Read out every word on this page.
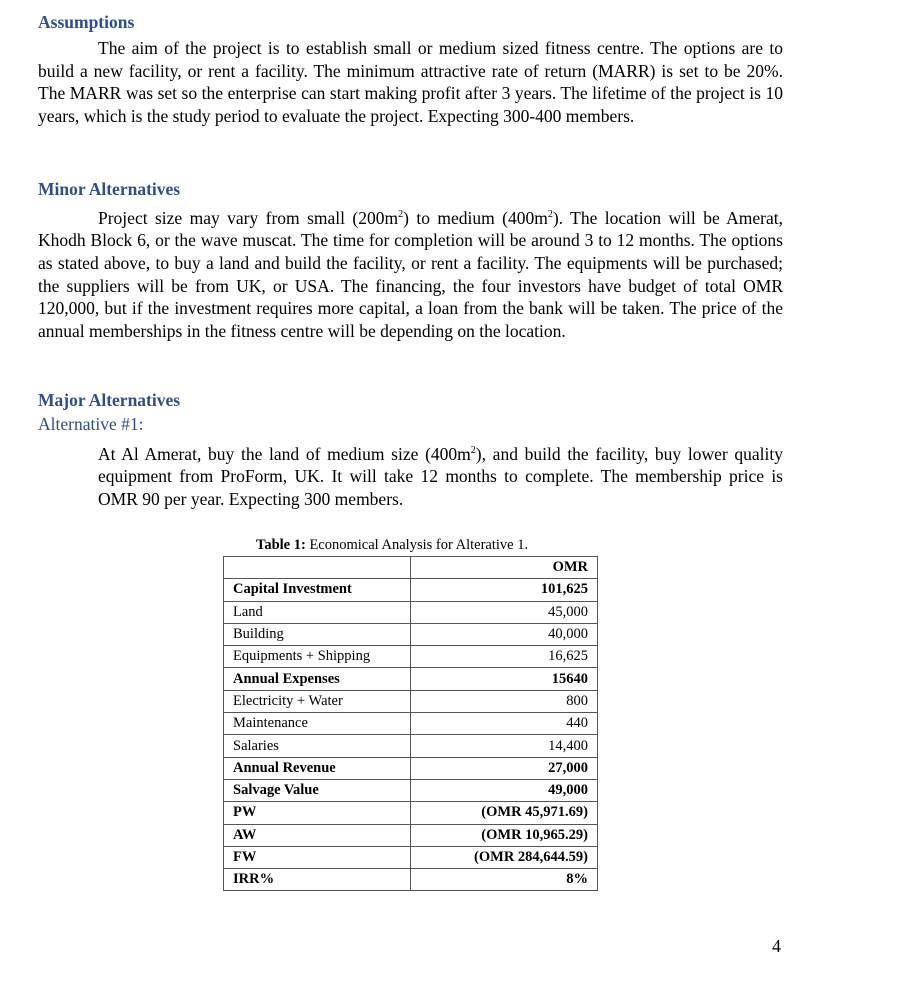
Assumptions

The aim of the project is to establish small or medium sized fitness centre. The options are to build a new facility, or rent a facility. The minimum attractive rate of return (MARR) is set to be 20%. The MARR was set so the enterprise can start making profit after 3 years. The lifetime of the project is 10 years, which is the study period to evaluate the project. Expecting 300-400 members.

Minor Alternatives

Project size may vary from small $(200m^2)$ to medium $(400m^2)$. The location will be Amerat, Khodh Block 6, or the wave muscat. The time for completion will be around 3 to 12 months. The options as stated above, to buy a land and build the facility, or rent a facility. The equipments will be purchased; the suppliers will be from UK, or USA. The financing, the four investors have budget of total OMR 120,000, but if the investment requires more capital, a loan from the bank will be taken. The price of the annual memberships in the fitness centre will be depending on the location.

Major Alternatives
Alternative #1:

At Al Amerat, buy the land of medium size $(400m^2)$, and build the facility, buy lower quality equipment from ProForm, UK. It will take 12 months to complete. The membership price is OMR 90 per year. Expecting 300 members.

Table 1: Economical Analysis for Alterative 1.
	OMR
Capital Investment	101,625
Land	45,000
Building	40,000
Equipments + Shipping	16,625
Annual Expenses	15640
Electricity + Water	800
Maintenance	440
Salaries	14,400
Annual Revenue	27,000
Salvage Value	49,000
PW	(OMR 45,971.69)
AW	(OMR 10,965.29)
FW	(OMR 284,644.59)
IRR%	8%
4
